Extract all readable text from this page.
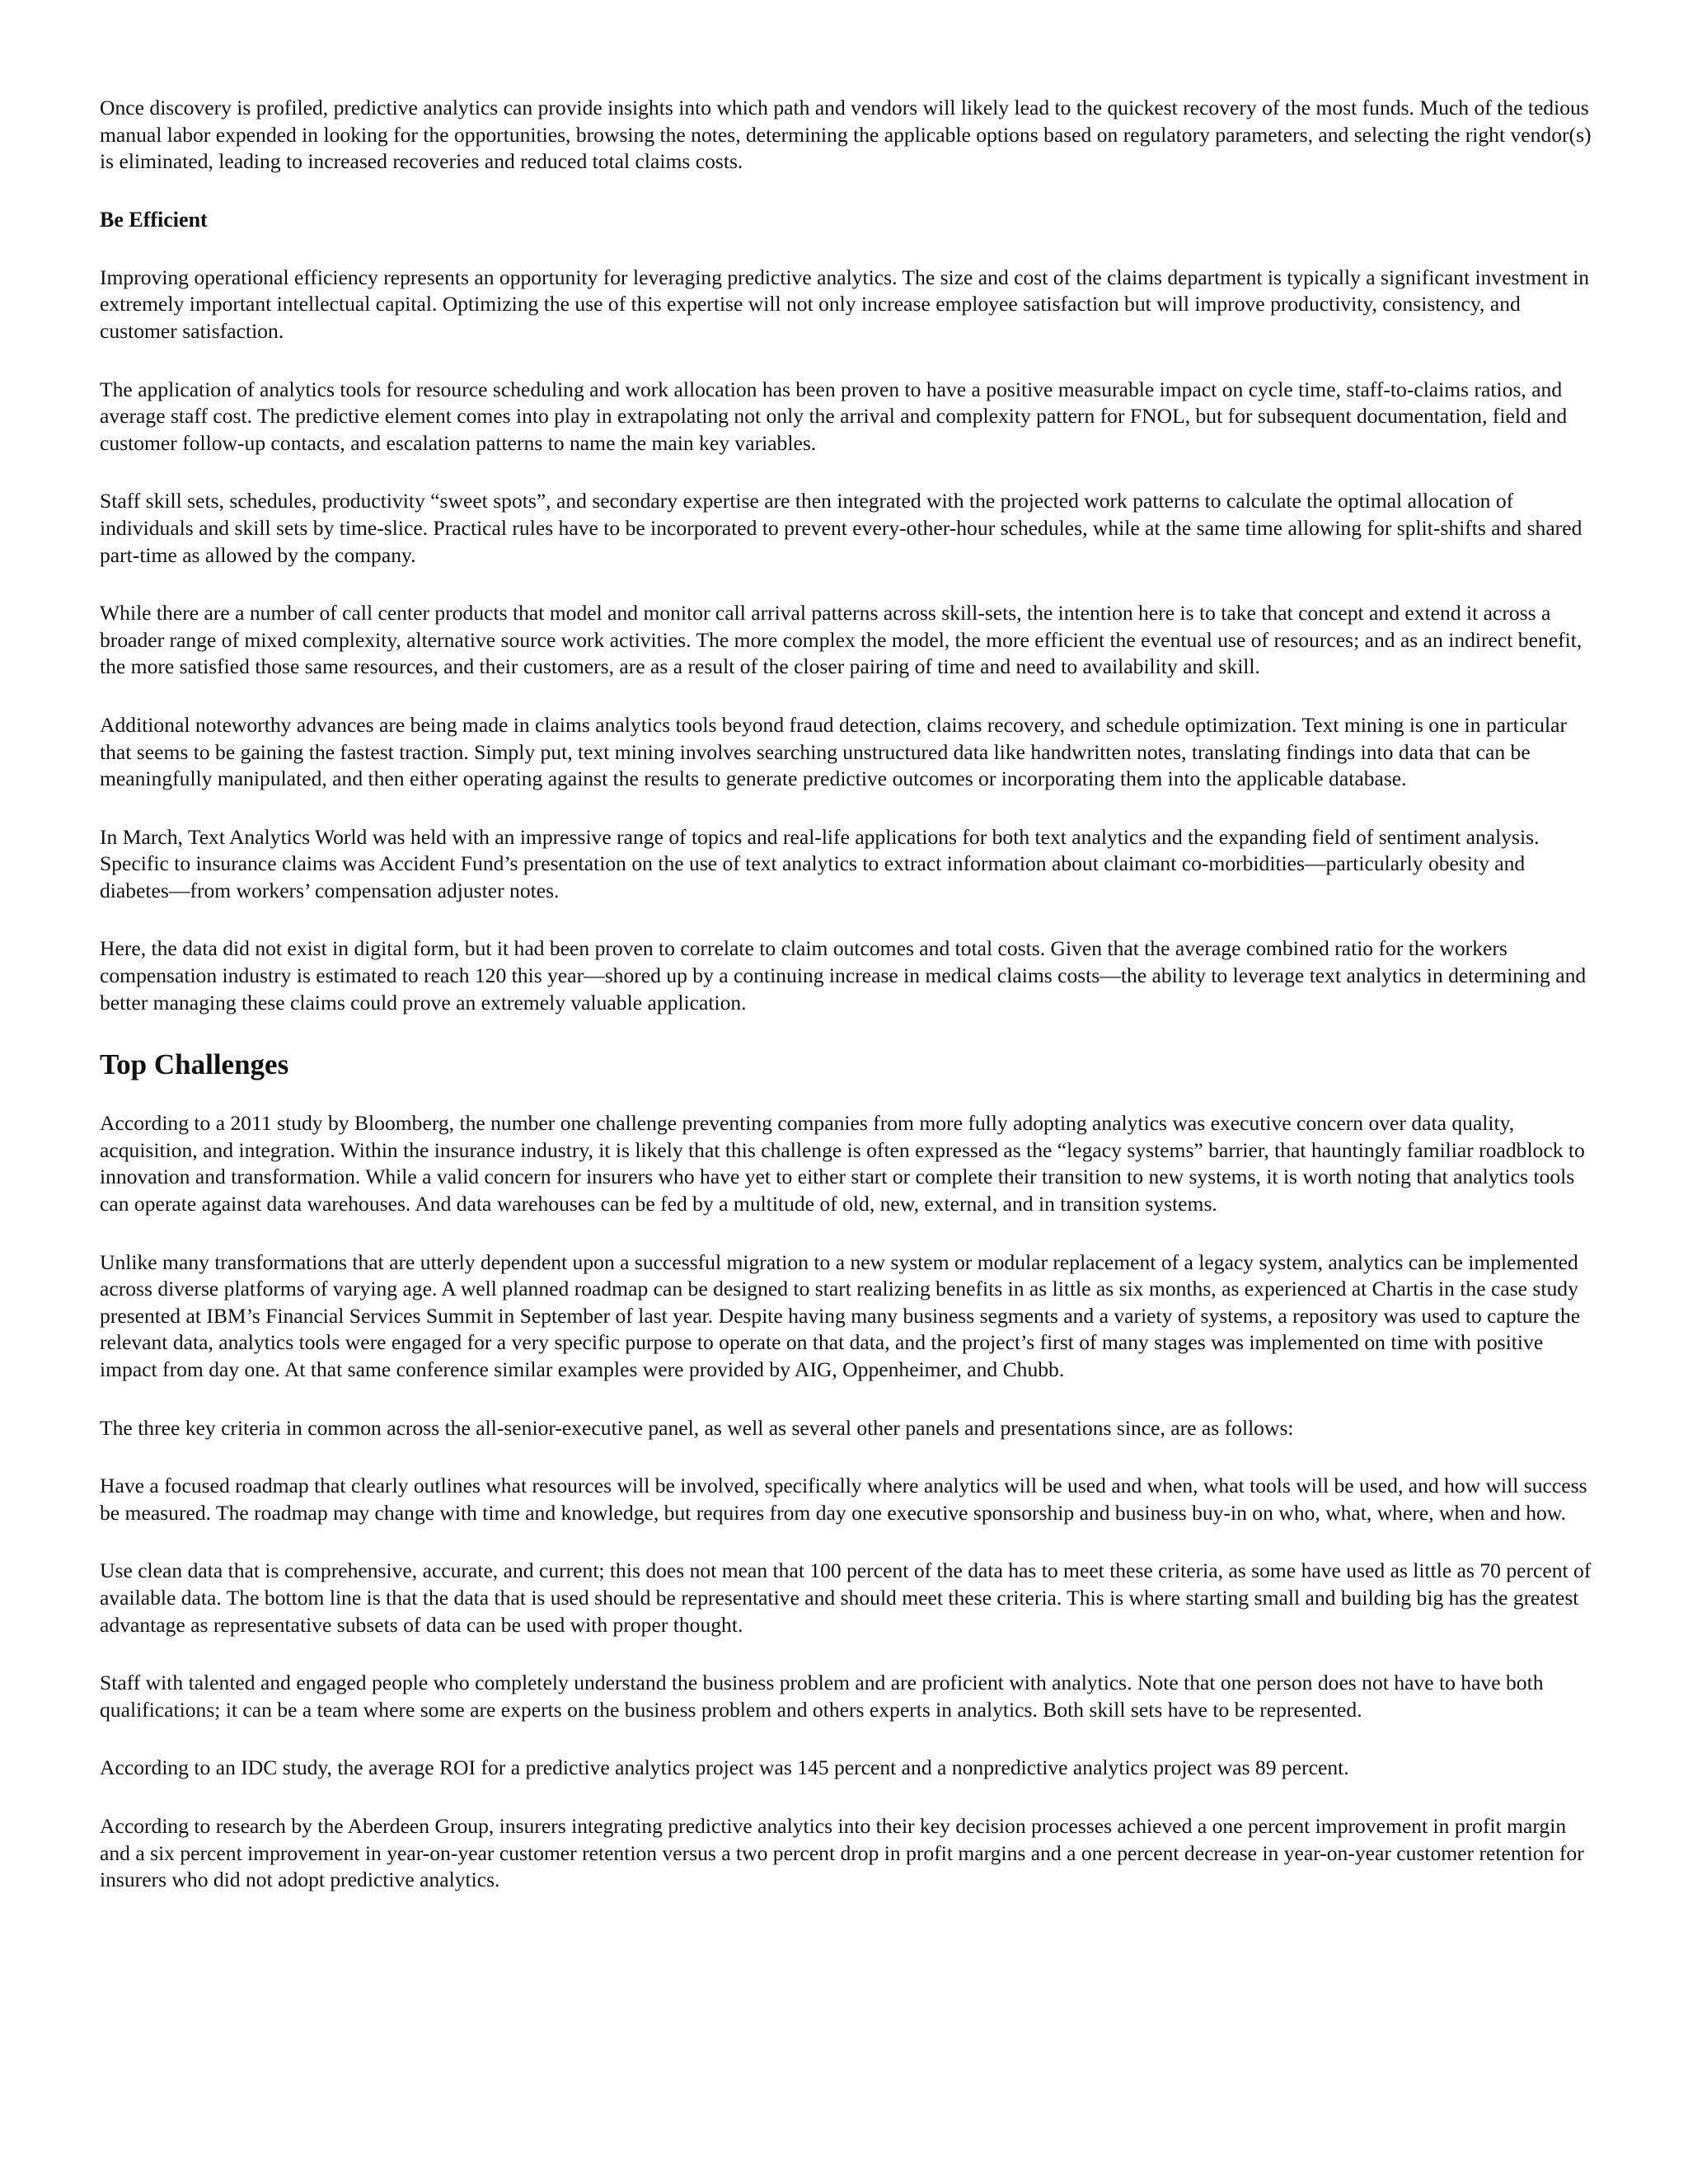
Once discovery is profiled, predictive analytics can provide insights into which path and vendors will likely lead to the quickest recovery of the most funds. Much of the tedious manual labor expended in looking for the opportunities, browsing the notes, determining the applicable options based on regulatory parameters, and selecting the right vendor(s) is eliminated, leading to increased recoveries and reduced total claims costs.

Be Efficient

Improving operational efficiency represents an opportunity for leveraging predictive analytics. The size and cost of the claims department is typically a significant investment in extremely important intellectual capital. Optimizing the use of this expertise will not only increase employee satisfaction but will improve productivity, consistency, and customer satisfaction.

The application of analytics tools for resource scheduling and work allocation has been proven to have a positive measurable impact on cycle time, staff-to-claims ratios, and average staff cost. The predictive element comes into play in extrapolating not only the arrival and complexity pattern for FNOL, but for subsequent documentation, field and customer follow-up contacts, and escalation patterns to name the main key variables.

Staff skill sets, schedules, productivity “sweet spots”, and secondary expertise are then integrated with the projected work patterns to calculate the optimal allocation of individuals and skill sets by time-slice. Practical rules have to be incorporated to prevent every-other-hour schedules, while at the same time allowing for split-shifts and shared part-time as allowed by the company.

While there are a number of call center products that model and monitor call arrival patterns across skill-sets, the intention here is to take that concept and extend it across a broader range of mixed complexity, alternative source work activities. The more complex the model, the more efficient the eventual use of resources; and as an indirect benefit, the more satisfied those same resources, and their customers, are as a result of the closer pairing of time and need to availability and skill.

Additional noteworthy advances are being made in claims analytics tools beyond fraud detection, claims recovery, and schedule optimization. Text mining is one in particular that seems to be gaining the fastest traction. Simply put, text mining involves searching unstructured data like handwritten notes, translating findings into data that can be meaningfully manipulated, and then either operating against the results to generate predictive outcomes or incorporating them into the applicable database.

In March, Text Analytics World was held with an impressive range of topics and real-life applications for both text analytics and the expanding field of sentiment analysis. Specific to insurance claims was Accident Fund’s presentation on the use of text analytics to extract information about claimant co-morbidities—particularly obesity and diabetes—from workers’ compensation adjuster notes.

Here, the data did not exist in digital form, but it had been proven to correlate to claim outcomes and total costs. Given that the average combined ratio for the workers compensation industry is estimated to reach 120 this year—shored up by a continuing increase in medical claims costs—the ability to leverage text analytics in determining and better managing these claims could prove an extremely valuable application.

Top Challenges

According to a 2011 study by Bloomberg, the number one challenge preventing companies from more fully adopting analytics was executive concern over data quality, acquisition, and integration. Within the insurance industry, it is likely that this challenge is often expressed as the “legacy systems” barrier, that hauntingly familiar roadblock to innovation and transformation. While a valid concern for insurers who have yet to either start or complete their transition to new systems, it is worth noting that analytics tools can operate against data warehouses. And data warehouses can be fed by a multitude of old, new, external, and in transition systems.

Unlike many transformations that are utterly dependent upon a successful migration to a new system or modular replacement of a legacy system, analytics can be implemented across diverse platforms of varying age. A well planned roadmap can be designed to start realizing benefits in as little as six months, as experienced at Chartis in the case study presented at IBM’s Financial Services Summit in September of last year. Despite having many business segments and a variety of systems, a repository was used to capture the relevant data, analytics tools were engaged for a very specific purpose to operate on that data, and the project’s first of many stages was implemented on time with positive impact from day one. At that same conference similar examples were provided by AIG, Oppenheimer, and Chubb.

The three key criteria in common across the all-senior-executive panel, as well as several other panels and presentations since, are as follows:

Have a focused roadmap that clearly outlines what resources will be involved, specifically where analytics will be used and when, what tools will be used, and how will success be measured. The roadmap may change with time and knowledge, but requires from day one executive sponsorship and business buy-in on who, what, where, when and how.

Use clean data that is comprehensive, accurate, and current; this does not mean that 100 percent of the data has to meet these criteria, as some have used as little as 70 percent of available data. The bottom line is that the data that is used should be representative and should meet these criteria. This is where starting small and building big has the greatest advantage as representative subsets of data can be used with proper thought.

Staff with talented and engaged people who completely understand the business problem and are proficient with analytics. Note that one person does not have to have both qualifications; it can be a team where some are experts on the business problem and others experts in analytics. Both skill sets have to be represented.

According to an IDC study, the average ROI for a predictive analytics project was 145 percent and a nonpredictive analytics project was 89 percent.

According to research by the Aberdeen Group, insurers integrating predictive analytics into their key decision processes achieved a one percent improvement in profit margin and a six percent improvement in year-on-year customer retention versus a two percent drop in profit margins and a one percent decrease in year-on-year customer retention for insurers who did not adopt predictive analytics.
